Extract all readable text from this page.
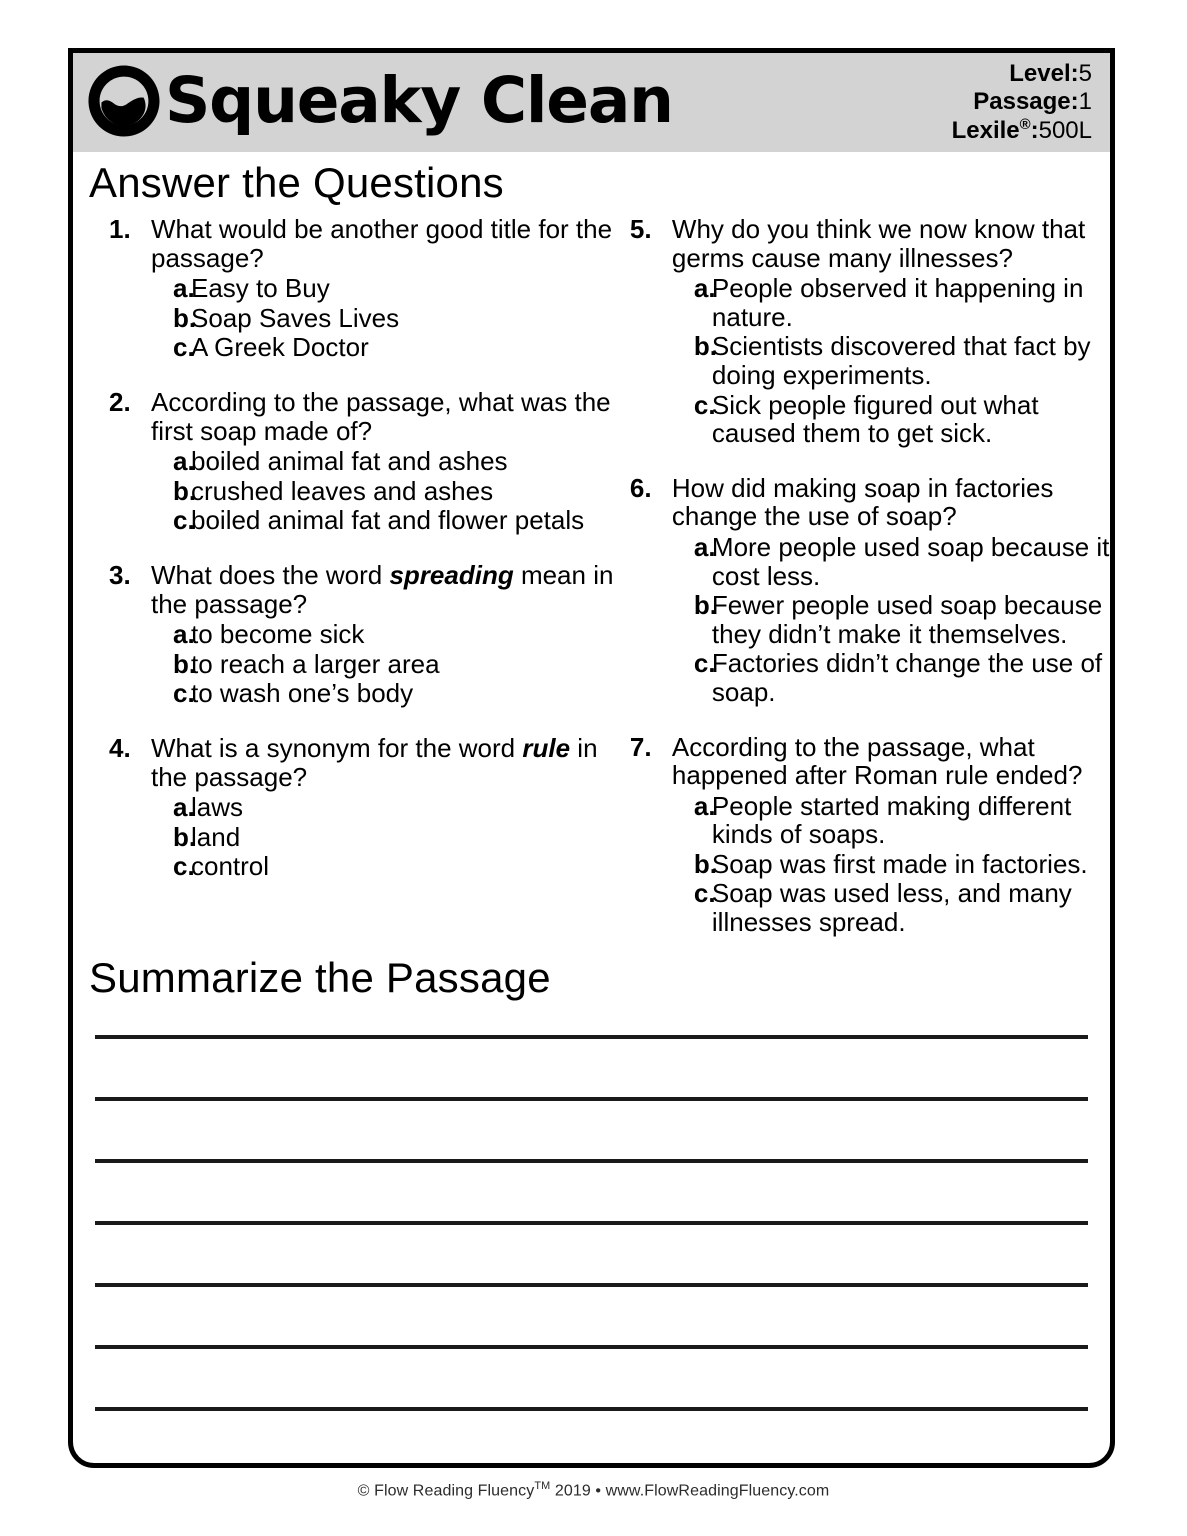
Squeaky Clean	Level:5
Passage:1
Lexile®:500L
Answer the Questions
1. What would be another good title for the passage?
a.
Easy to Buy
b.
Soap Saves Lives
c.
A Greek Doctor
2. According to the passage, what was the first soap made of?
a.
boiled animal fat and ashes
b.
crushed leaves and ashes
c.
boiled animal fat and flower petals
3. What does the word spreading mean in the passage?
a.
to become sick
b.
to reach a larger area
c.
to wash one’s body
4. What is a synonym for the word rule in the passage?
a.
laws
b.
land
c.
control
5. Why do you think we now know that germs cause many illnesses?
a.
People observed it happening in nature.
b.
Scientists discovered that fact by doing experiments.
c.
Sick people figured out what caused them to get sick.
6. How did making soap in factories change the use of soap?
a.
More people used soap because it cost less.
b.
Fewer people used soap because they didn’t make it themselves.
c.
Factories didn’t change the use of soap.
7. According to the passage, what happened after Roman rule ended?
a.
People started making different kinds of soaps.
b.
Soap was first made in factories.
c.
Soap was used less, and many illnesses spread.
Summarize the Passage
© Flow Reading Fluency™ 2019 • www.FlowReadingFluency.com
